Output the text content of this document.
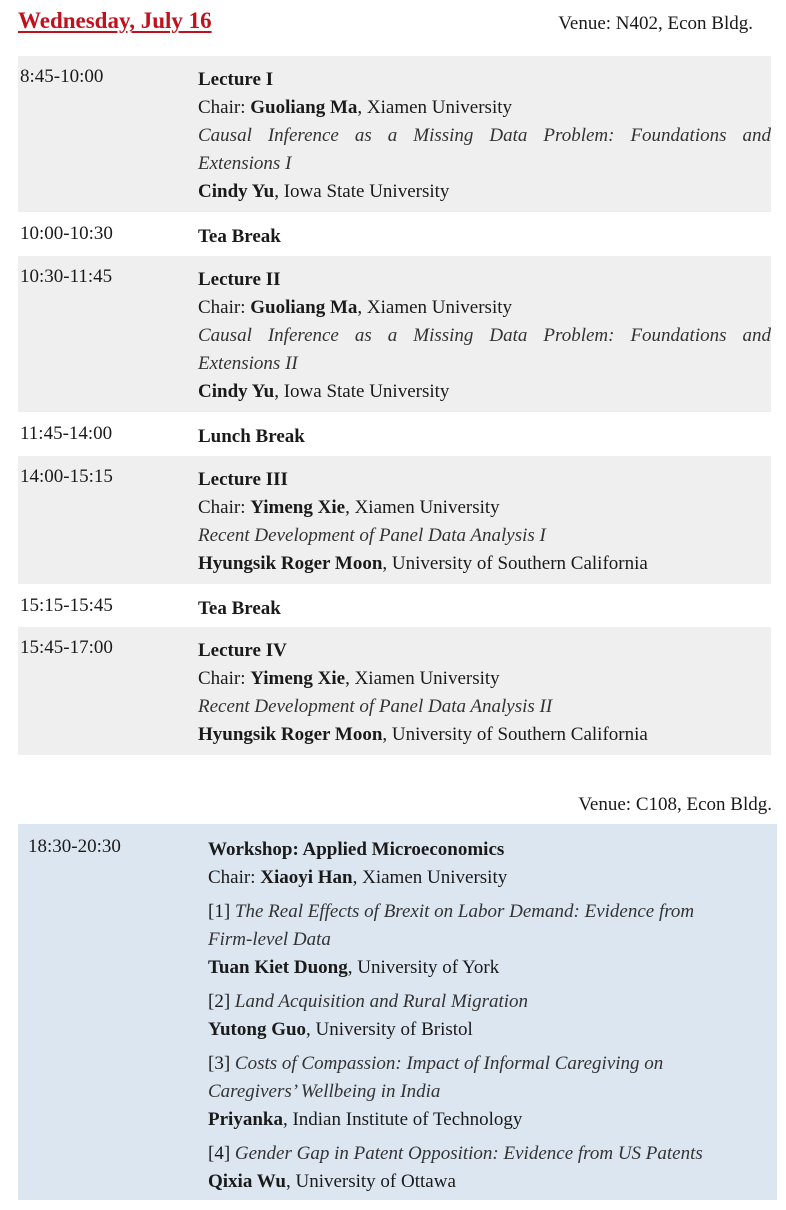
Wednesday, July 16	Venue: N402, Econ Bldg.
8:45-10:00	Lecture I
Chair: Guoliang Ma, Xiamen University
Causal Inference as a Missing Data Problem: Foundations and
Extensions I
Cindy Yu, Iowa State University
10:00-10:30	Tea Break
10:30-11:45	Lecture II
Chair: Guoliang Ma, Xiamen University
Causal Inference as a Missing Data Problem: Foundations and
Extensions II
Cindy Yu, Iowa State University
11:45-14:00	Lunch Break
14:00-15:15	Lecture III
Chair: Yimeng Xie, Xiamen University
Recent Development of Panel Data Analysis I
Hyungsik Roger Moon, University of Southern California
15:15-15:45	Tea Break
15:45-17:00	Lecture IV
Chair: Yimeng Xie, Xiamen University
Recent Development of Panel Data Analysis II
Hyungsik Roger Moon, University of Southern California
Venue: C108, Econ Bldg.
18:30-20:30	Workshop: Applied Microeconomics
Chair: Xiaoyi Han, Xiamen University
[1] The Real Effects of Brexit on Labor Demand: Evidence from
Firm-level Data
Tuan Kiet Duong, University of York
[2] Land Acquisition and Rural Migration
Yutong Guo, University of Bristol
[3] Costs of Compassion: Impact of Informal Caregiving on
Caregivers’ Wellbeing in India
Priyanka, Indian Institute of Technology
[4] Gender Gap in Patent Opposition: Evidence from US Patents
Qixia Wu, University of Ottawa
